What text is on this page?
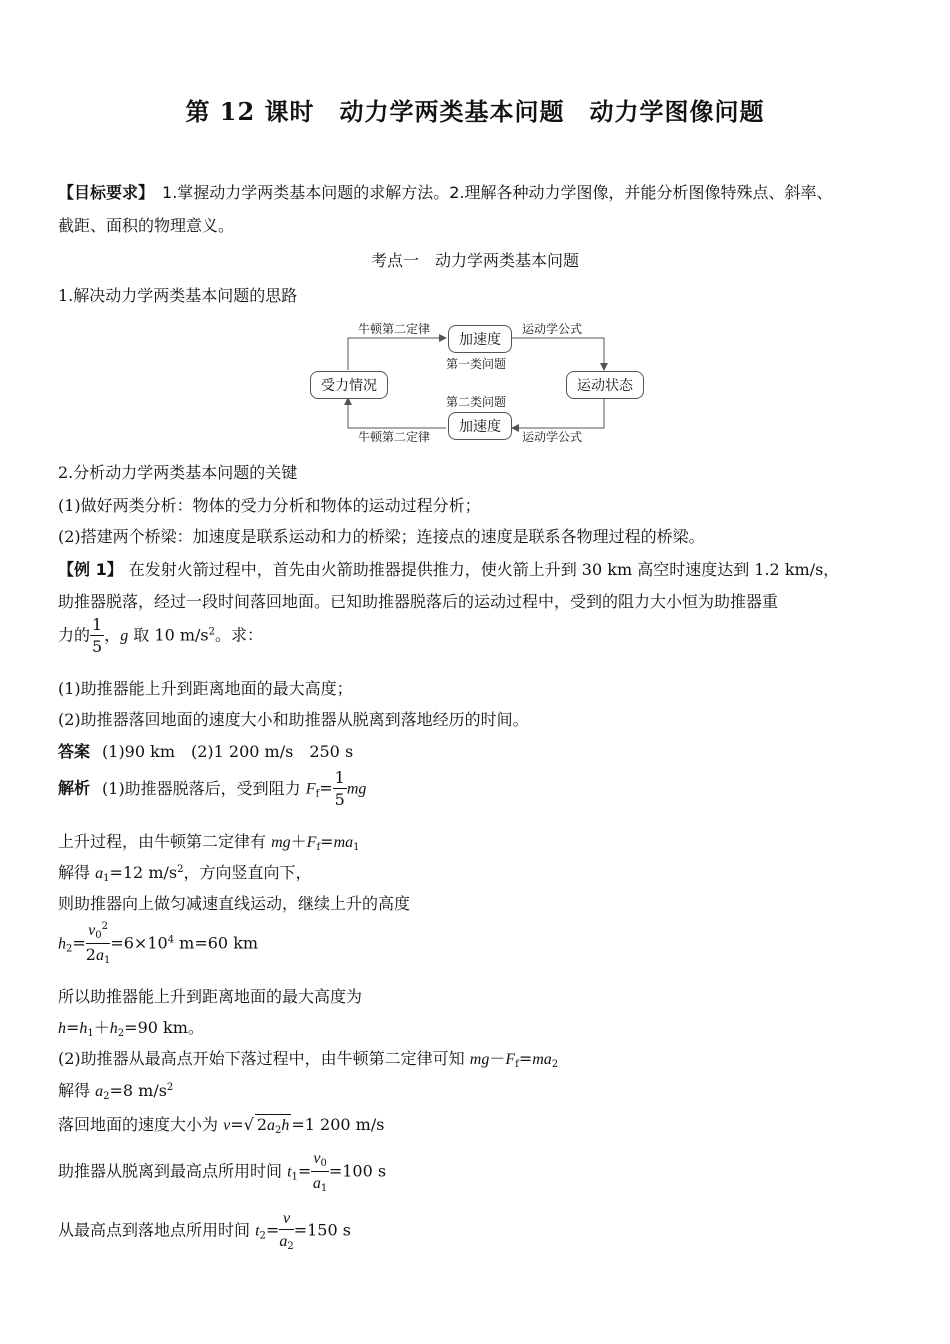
第 12 课时　动力学两类基本问题　动力学图像问题
【目标要求】 1.掌握动力学两类基本问题的求解方法。2.理解各种动力学图像，并能分析图像特殊点、斜率、
截距、面积的物理意义。
考点一　动力学两类基本问题
1.解决动力学两类基本问题的思路
加速度
受力情况	运动状态
加速度
牛顿第二定律	运动学公式
第一类问题
第二类问题
牛顿第二定律	运动学公式
2.分析动力学两类基本问题的关键
(1)做好两类分析：物体的受力分析和物体的运动过程分析；
(2)搭建两个桥梁：加速度是联系运动和力的桥梁；连接点的速度是联系各物理过程的桥梁。
【例 1】 在发射火箭过程中，首先由火箭助推器提供推力，使火箭上升到 30 km 高空时速度达到 1.2 km/s，
助推器脱落，经过一段时间落回地面。已知助推器脱落后的运动过程中，受到的阻力大小恒为助推器重
力的 $\frac{1}{5}$ ，g 取 10 $m/s^2$。求：
(1)助推器能上升到距离地面的最大高度；
(2)助推器落回地面的速度大小和助推器从脱离到落地经历的时间。
答案 (1)90 km　(2)1 200 m/s　250 s
解析 (1)助推器脱落后，受到阻力 $F_f= \frac{1}{5}$ mg
上升过程，由牛顿第二定律有 $mg+F_f=ma_1$
解得 $a_1=12$ $m/s^2$，方向竖直向下，
则助推器向上做匀减速直线运动，继续上升的高度
$h_2= \frac{v_0^2}{2a_1} =6\times 10^4$ m=60 km
所以助推器能上升到距离地面的最大高度为
$h=h_1+h_2=90$ km。
(2)助推器从最高点开始下落过程中，由牛顿第二定律可知 $mg-F_f=ma_2$
解得 $a_2=8$ $m/s^2$
落回地面的速度大小为 v=√ $2a_2h =1$ 200 m/s
助推器从脱离到最高点所用时间 $t_1= \frac{v_0}{a_1} =100$ s
从最高点到落地点所用时间 $t_2= \frac{v}{a_2} =150$ s
